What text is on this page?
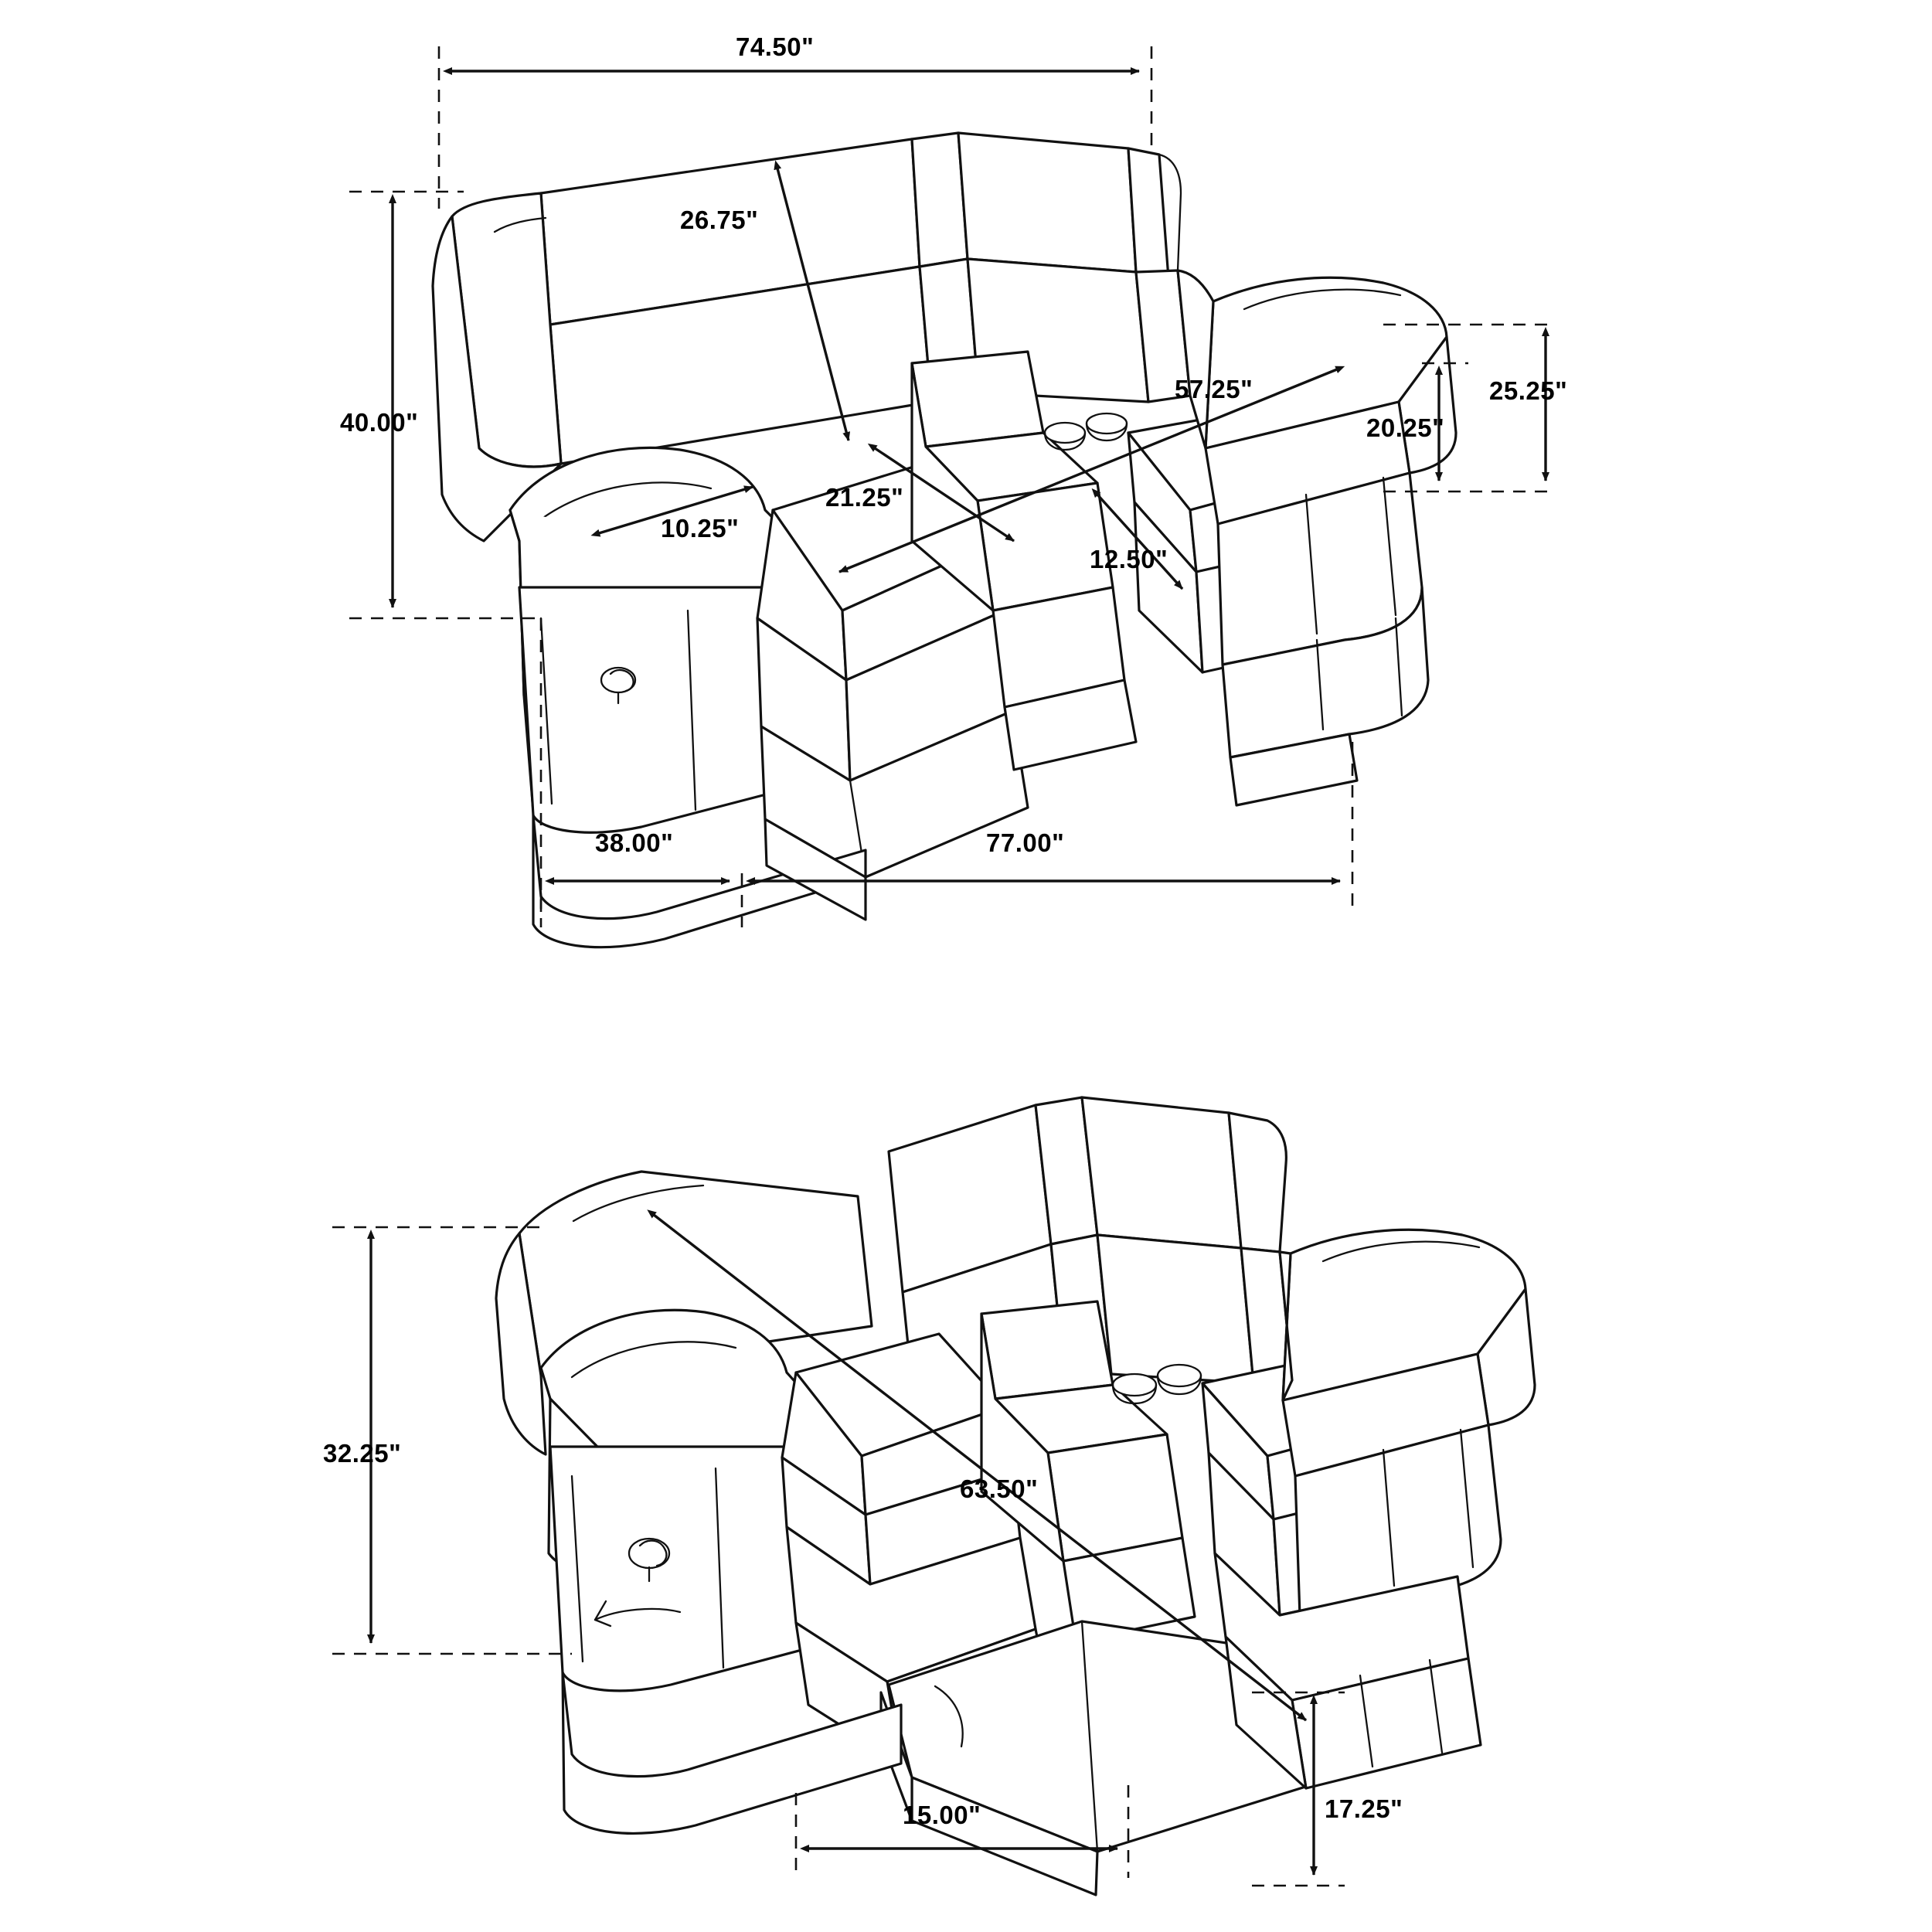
74.50"
26.75"
40.00"
10.25"
21.25"
57.25"
12.50"
25.25"
20.25"
38.00"	77.00"
32.25"
63.50"
17.25"
15.00"
